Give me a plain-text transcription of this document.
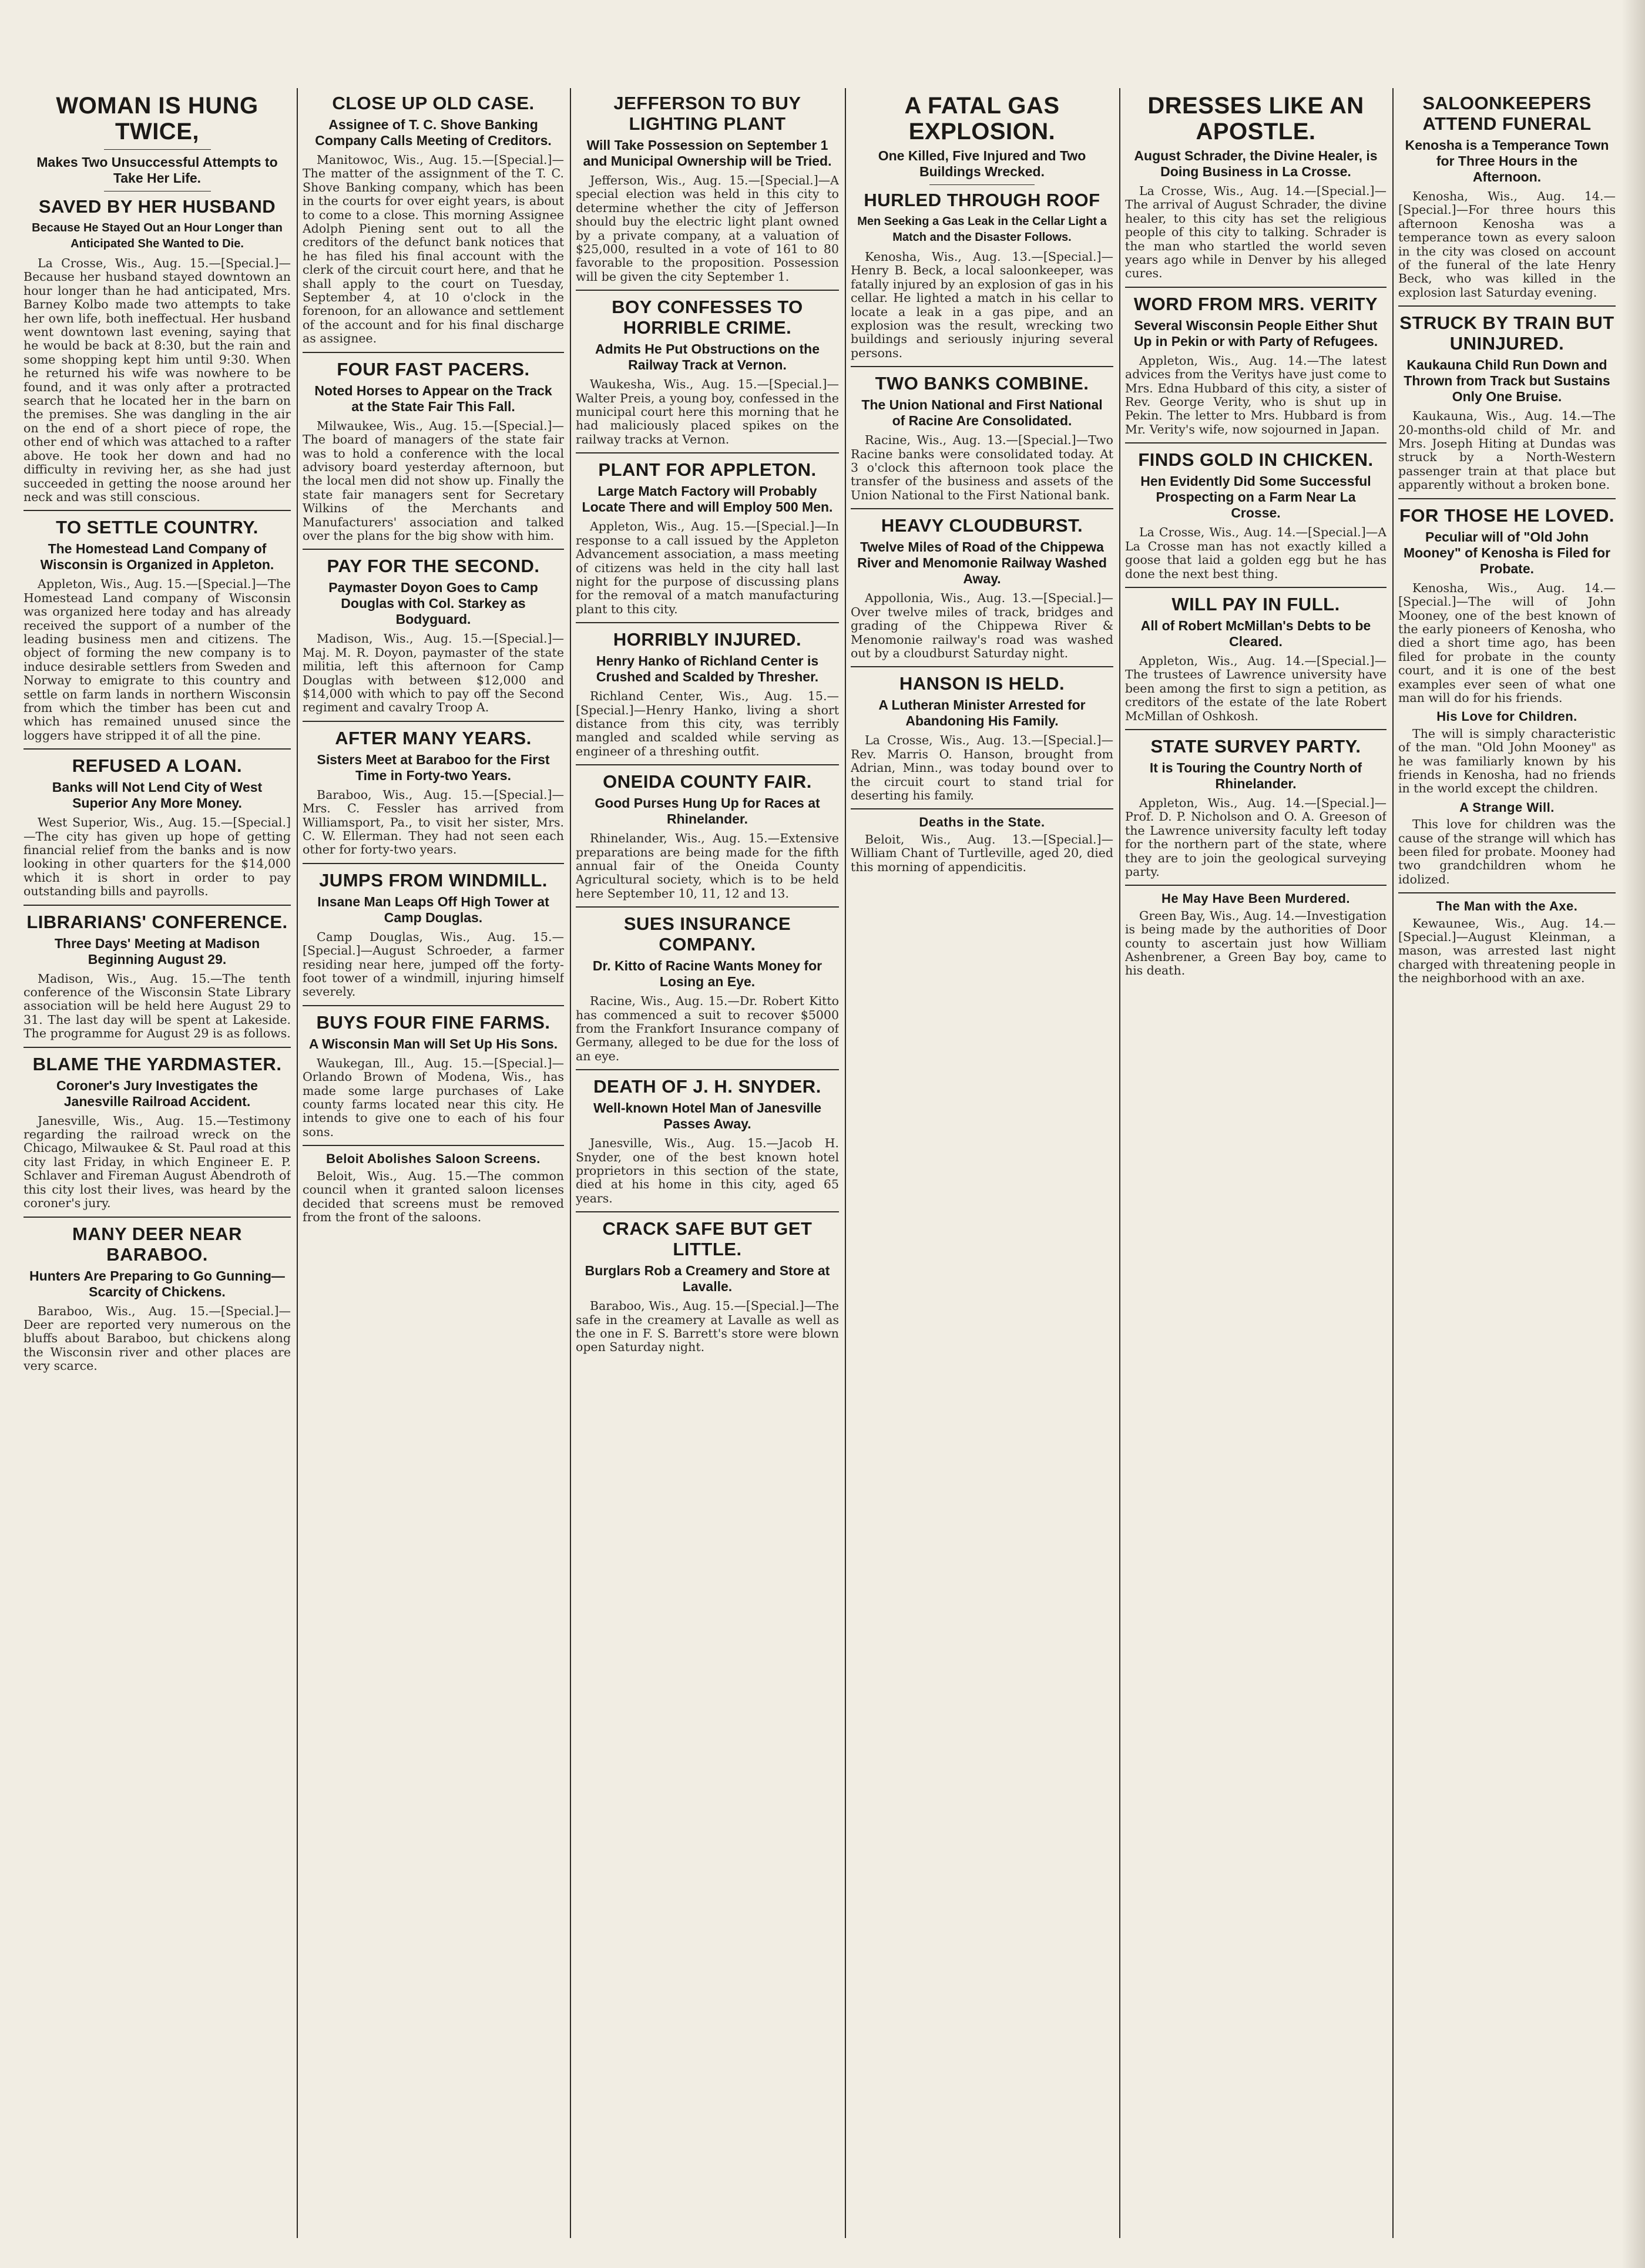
WOMAN IS HUNG TWICE,
Makes Two Unsuccessful Attempts to Take Her Life.
SAVED BY HER HUSBAND
Because He Stayed Out an Hour Longer than Anticipated She Wanted to Die.

La Crosse, Wis., Aug. 15.—[Special.]—Because her husband stayed downtown an hour longer than he had anticipated, Mrs. Barney Kolbo made two attempts to take her own life, both ineffectual. Her husband went downtown last evening, saying that he would be back at 8:30, but the rain and some shopping kept him until 9:30. When he returned his wife was nowhere to be found, and it was only after a protracted search that he located her in the barn on the premises. She was dangling in the air on the end of a short piece of rope, the other end of which was attached to a rafter above. He took her down and had no difficulty in reviving her, as she had just succeeded in getting the noose around her neck and was still conscious.

TO SETTLE COUNTRY.
The Homestead Land Company of Wisconsin is Organized in Appleton.

Appleton, Wis., Aug. 15.—[Special.]—The Homestead Land company of Wisconsin was organized here today and has already received the support of a number of the leading business men and citizens. The object of forming the new company is to induce desirable settlers from Sweden and Norway to emigrate to this country and settle on farm lands in northern Wisconsin from which the timber has been cut and which has remained unused since the loggers have stripped it of all the pine.

REFUSED A LOAN.
Banks will Not Lend City of West Superior Any More Money.

West Superior, Wis., Aug. 15.—[Special.]—The city has given up hope of getting financial relief from the banks and is now looking in other quarters for the $14,000 which it is short in order to pay outstanding bills and payrolls.

LIBRARIANS' CONFERENCE.
Three Days' Meeting at Madison Beginning August 29.

Madison, Wis., Aug. 15.—The tenth conference of the Wisconsin State Library association will be held here August 29 to 31. The last day will be spent at Lakeside. The programme for August 29 is as follows.

BLAME THE YARDMASTER.
Coroner's Jury Investigates the Janesville Railroad Accident.

Janesville, Wis., Aug. 15.—Testimony regarding the railroad wreck on the Chicago, Milwaukee & St. Paul road at this city last Friday, in which Engineer E. P. Schlaver and Fireman August Abendroth of this city lost their lives, was heard by the coroner's jury.

MANY DEER NEAR BARABOO.
Hunters Are Preparing to Go Gunning—Scarcity of Chickens.

Baraboo, Wis., Aug. 15.—[Special.]—Deer are reported very numerous on the bluffs about Baraboo, but chickens along the Wisconsin river and other places are very scarce.

CLOSE UP OLD CASE.
Assignee of T. C. Shove Banking Company Calls Meeting of Creditors.

Manitowoc, Wis., Aug. 15.—[Special.]—The matter of the assignment of the T. C. Shove Banking company, which has been in the courts for over eight years, is about to come to a close. This morning Assignee Adolph Piening sent out to all the creditors of the defunct bank notices that he has filed his final account with the clerk of the circuit court here, and that he shall apply to the court on Tuesday, September 4, at 10 o'clock in the forenoon, for an allowance and settlement of the account and for his final discharge as assignee.

FOUR FAST PACERS.
Noted Horses to Appear on the Track at the State Fair This Fall.

Milwaukee, Wis., Aug. 15.—[Special.]—The board of managers of the state fair was to hold a conference with the local advisory board yesterday afternoon, but the local men did not show up. Finally the state fair managers sent for Secretary Wilkins of the Merchants and Manufacturers' association and talked over the plans for the big show with him.

PAY FOR THE SECOND.
Paymaster Doyon Goes to Camp Douglas with Col. Starkey as Bodyguard.

Madison, Wis., Aug. 15.—[Special.]—Maj. M. R. Doyon, paymaster of the state militia, left this afternoon for Camp Douglas with between $12,000 and $14,000 with which to pay off the Second regiment and cavalry Troop A.

AFTER MANY YEARS.
Sisters Meet at Baraboo for the First Time in Forty-two Years.

Baraboo, Wis., Aug. 15.—[Special.]—Mrs. C. Fessler has arrived from Williamsport, Pa., to visit her sister, Mrs. C. W. Ellerman. They had not seen each other for forty-two years.

JUMPS FROM WINDMILL.
Insane Man Leaps Off High Tower at Camp Douglas.

Camp Douglas, Wis., Aug. 15.—[Special.]—August Schroeder, a farmer residing near here, jumped off the forty-foot tower of a windmill, injuring himself severely.

BUYS FOUR FINE FARMS.
A Wisconsin Man will Set Up His Sons.

Waukegan, Ill., Aug. 15.—[Special.]—Orlando Brown of Modena, Wis., has made some large purchases of Lake county farms located near this city. He intends to give one to each of his four sons.

Beloit Abolishes Saloon Screens.

Beloit, Wis., Aug. 15.—The common council when it granted saloon licenses decided that screens must be removed from the front of the saloons.

JEFFERSON TO BUY LIGHTING PLANT
Will Take Possession on September 1 and Municipal Ownership will be Tried.

Jefferson, Wis., Aug. 15.—[Special.]—A special election was held in this city to determine whether the city of Jefferson should buy the electric light plant owned by a private company, at a valuation of $25,000, resulted in a vote of 161 to 80 favorable to the proposition. Possession will be given the city September 1.

BOY CONFESSES TO HORRIBLE CRIME.
Admits He Put Obstructions on the Railway Track at Vernon.

Waukesha, Wis., Aug. 15.—[Special.]—Walter Preis, a young boy, confessed in the municipal court here this morning that he had maliciously placed spikes on the railway tracks at Vernon.

PLANT FOR APPLETON.
Large Match Factory will Probably Locate There and will Employ 500 Men.

Appleton, Wis., Aug. 15.—[Special.]—In response to a call issued by the Appleton Advancement association, a mass meeting of citizens was held in the city hall last night for the purpose of discussing plans for the removal of a match manufacturing plant to this city.

HORRIBLY INJURED.
Henry Hanko of Richland Center is Crushed and Scalded by Thresher.

Richland Center, Wis., Aug. 15.—[Special.]—Henry Hanko, living a short distance from this city, was terribly mangled and scalded while serving as engineer of a threshing outfit.

ONEIDA COUNTY FAIR.
Good Purses Hung Up for Races at Rhinelander.

Rhinelander, Wis., Aug. 15.—Extensive preparations are being made for the fifth annual fair of the Oneida County Agricultural society, which is to be held here September 10, 11, 12 and 13.

SUES INSURANCE COMPANY.
Dr. Kitto of Racine Wants Money for Losing an Eye.

Racine, Wis., Aug. 15.—Dr. Robert Kitto has commenced a suit to recover $5000 from the Frankfort Insurance company of Germany, alleged to be due for the loss of an eye.

DEATH OF J. H. SNYDER.
Well-known Hotel Man of Janesville Passes Away.

Janesville, Wis., Aug. 15.—Jacob H. Snyder, one of the best known hotel proprietors in this section of the state, died at his home in this city, aged 65 years.

CRACK SAFE BUT GET LITTLE.
Burglars Rob a Creamery and Store at Lavalle.

Baraboo, Wis., Aug. 15.—[Special.]—The safe in the creamery at Lavalle as well as the one in F. S. Barrett's store were blown open Saturday night.

A FATAL GAS EXPLOSION.
One Killed, Five Injured and Two Buildings Wrecked.
HURLED THROUGH ROOF
Men Seeking a Gas Leak in the Cellar Light a Match and the Disaster Follows.

Kenosha, Wis., Aug. 13.—[Special.]—Henry B. Beck, a local saloonkeeper, was fatally injured by an explosion of gas in his cellar. He lighted a match in his cellar to locate a leak in a gas pipe, and an explosion was the result, wrecking two buildings and seriously injuring several persons.

TWO BANKS COMBINE.
The Union National and First National of Racine Are Consolidated.

Racine, Wis., Aug. 13.—[Special.]—Two Racine banks were consolidated today. At 3 o'clock this afternoon took place the transfer of the business and assets of the Union National to the First National bank.

HEAVY CLOUDBURST.
Twelve Miles of Road of the Chippewa River and Menomonie Railway Washed Away.

Appollonia, Wis., Aug. 13.—[Special.]—Over twelve miles of track, bridges and grading of the Chippewa River & Menomonie railway's road was washed out by a cloudburst Saturday night.

HANSON IS HELD.
A Lutheran Minister Arrested for Abandoning His Family.

La Crosse, Wis., Aug. 13.—[Special.]—Rev. Marris O. Hanson, brought from Adrian, Minn., was today bound over to the circuit court to stand trial for deserting his family.

Deaths in the State.

Beloit, Wis., Aug. 13.—[Special.]—William Chant of Turtleville, aged 20, died this morning of appendicitis.

DRESSES LIKE AN APOSTLE.
August Schrader, the Divine Healer, is Doing Business in La Crosse.

La Crosse, Wis., Aug. 14.—[Special.]—The arrival of August Schrader, the divine healer, to this city has set the religious people of this city to talking. Schrader is the man who startled the world seven years ago while in Denver by his alleged cures.

WORD FROM MRS. VERITY
Several Wisconsin People Either Shut Up in Pekin or with Party of Refugees.

Appleton, Wis., Aug. 14.—The latest advices from the Veritys have just come to Mrs. Edna Hubbard of this city, a sister of Rev. George Verity, who is shut up in Pekin. The letter to Mrs. Hubbard is from Mr. Verity's wife, now sojourned in Japan.

FINDS GOLD IN CHICKEN.
Hen Evidently Did Some Successful Prospecting on a Farm Near La Crosse.

La Crosse, Wis., Aug. 14.—[Special.]—A La Crosse man has not exactly killed a goose that laid a golden egg but he has done the next best thing.

WILL PAY IN FULL.
All of Robert McMillan's Debts to be Cleared.

Appleton, Wis., Aug. 14.—[Special.]—The trustees of Lawrence university have been among the first to sign a petition, as creditors of the estate of the late Robert McMillan of Oshkosh.

STATE SURVEY PARTY.
It is Touring the Country North of Rhinelander.

Appleton, Wis., Aug. 14.—[Special.]—Prof. D. P. Nicholson and O. A. Greeson of the Lawrence university faculty left today for the northern part of the state, where they are to join the geological surveying party.

He May Have Been Murdered.

Green Bay, Wis., Aug. 14.—Investigation is being made by the authorities of Door county to ascertain just how William Ashenbrener, a Green Bay boy, came to his death.

SALOONKEEPERS ATTEND FUNERAL
Kenosha is a Temperance Town for Three Hours in the Afternoon.

Kenosha, Wis., Aug. 14.—[Special.]—For three hours this afternoon Kenosha was a temperance town as every saloon in the city was closed on account of the funeral of the late Henry Beck, who was killed in the explosion last Saturday evening.

STRUCK BY TRAIN BUT UNINJURED.
Kaukauna Child Run Down and Thrown from Track but Sustains Only One Bruise.

Kaukauna, Wis., Aug. 14.—The 20-months-old child of Mr. and Mrs. Joseph Hiting at Dundas was struck by a North-Western passenger train at that place but apparently without a broken bone.

FOR THOSE HE LOVED.
Peculiar will of "Old John Mooney" of Kenosha is Filed for Probate.

Kenosha, Wis., Aug. 14.—[Special.]—The will of John Mooney, one of the best known of the early pioneers of Kenosha, who died a short time ago, has been filed for probate in the county court, and it is one of the best examples ever seen of what one man will do for his friends.

His Love for Children.

The will is simply characteristic of the man. "Old John Mooney" as he was familiarly known by his friends in Kenosha, had no friends in the world except the children.

A Strange Will.

This love for children was the cause of the strange will which has been filed for probate. Mooney had two grandchildren whom he idolized.

The Man with the Axe.

Kewaunee, Wis., Aug. 14.—[Special.]—August Kleinman, a mason, was arrested last night charged with threatening people in the neighborhood with an axe.
